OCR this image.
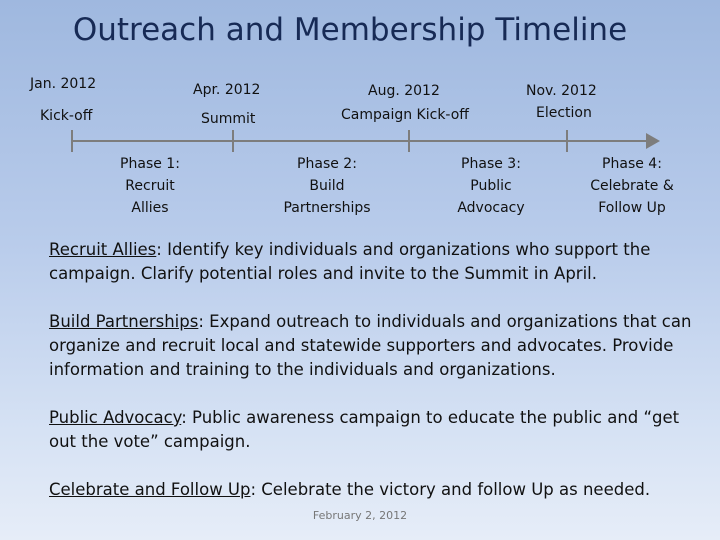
Outreach and Membership Timeline
Jan. 2012
Kick-off
Apr. 2012
Summit
Aug. 2012
Campaign Kick-off
Nov. 2012
Election
Phase 1:
Recruit
Allies
Phase 2:
Build
Partnerships
Phase 3:
Public
Advocacy
Phase 4:
Celebrate &
Follow Up
Recruit Allies: Identify key individuals and organizations who support the campaign. Clarify potential roles and invite to the Summit in April.
Build Partnerships: Expand outreach to individuals and organizations that can organize and recruit local and statewide supporters and advocates. Provide information and training to the individuals and organizations.
Public Advocacy: Public awareness campaign to educate the public and “get out the vote” campaign.
Celebrate and Follow Up: Celebrate the victory and follow Up as needed.
February 2, 2012
